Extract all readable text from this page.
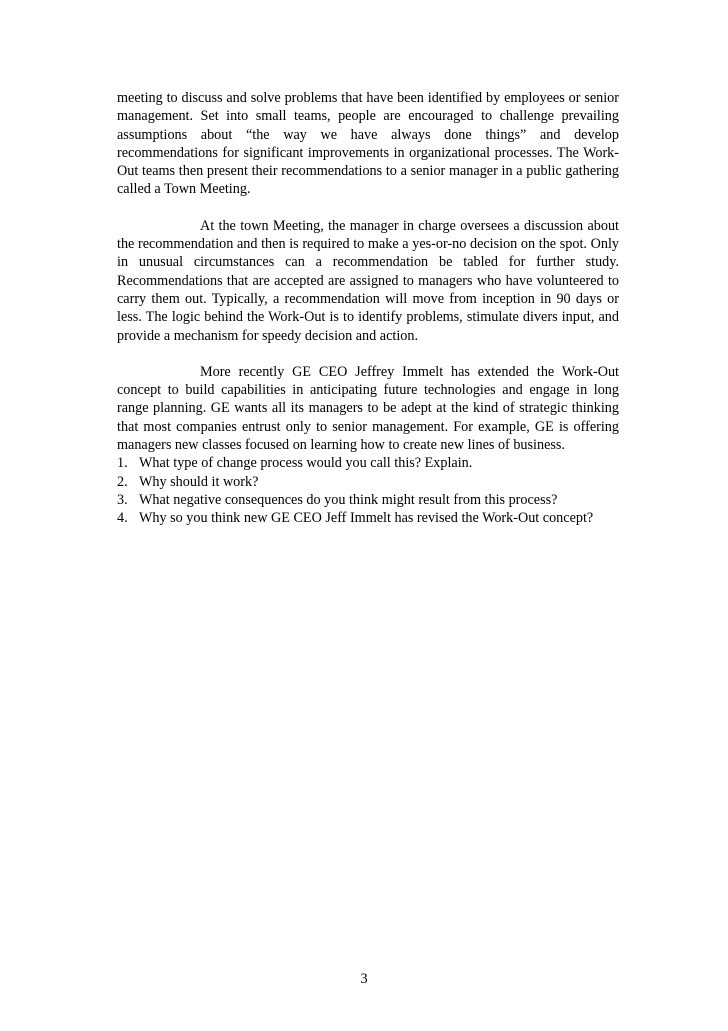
meeting to discuss and solve problems that have been identified by employees or senior management. Set into small teams, people are encouraged to challenge prevailing assumptions about “the way we have always done things” and develop recommendations for significant improvements in organizational processes. The Work-Out teams then present their recommendations to a senior manager in a public gathering called a Town Meeting.

At the town Meeting, the manager in charge oversees a discussion about the recommendation and then is required to make a yes-or-no decision on the spot. Only in unusual circumstances can a recommendation be tabled for further study. Recommendations that are accepted are assigned to managers who have volunteered to carry them out. Typically, a recommendation will move from inception in 90 days or less. The logic behind the Work-Out is to identify problems, stimulate divers input, and provide a mechanism for speedy decision and action.

More recently GE CEO Jeffrey Immelt has extended the Work-Out concept to build capabilities in anticipating future technologies and engage in long range planning. GE wants all its managers to be adept at the kind of strategic thinking that most companies entrust only to senior management. For example, GE is offering managers new classes focused on learning how to create new lines of business.

1. What type of change process would you call this? Explain.
2. Why should it work?
3. What negative consequences do you think might result from this process?
4. Why so you think new GE CEO Jeff Immelt has revised the Work-Out concept?
3
